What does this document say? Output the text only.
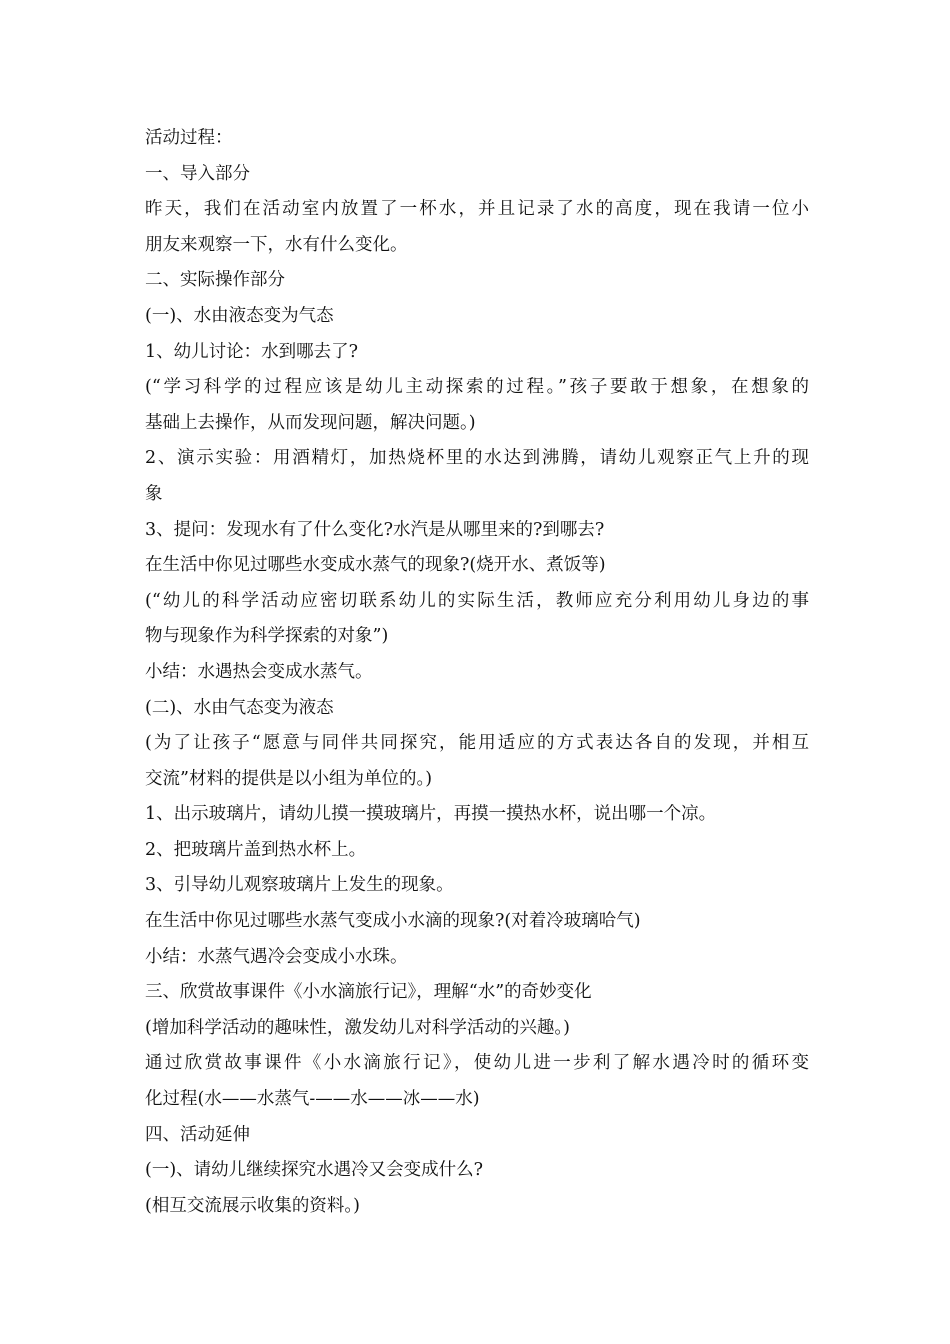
活动过程：
一、导入部分
昨天，我们在活动室内放置了一杯水，并且记录了水的高度，现在我请一位小
朋友来观察一下，水有什么变化。
二、实际操作部分
(一)、水由液态变为气态
1、幼儿讨论：水到哪去了?
(“学习科学的过程应该是幼儿主动探索的过程。”孩子要敢于想象，在想象的
基础上去操作，从而发现问题，解决问题。)
2、演示实验：用酒精灯，加热烧杯里的水达到沸腾，请幼儿观察正气上升的现
象
3、提问：发现水有了什么变化?水汽是从哪里来的?到哪去?
在生活中你见过哪些水变成水蒸气的现象?(烧开水、煮饭等)
(“幼儿的科学活动应密切联系幼儿的实际生活，教师应充分利用幼儿身边的事
物与现象作为科学探索的对象”)
小结：水遇热会变成水蒸气。
(二)、水由气态变为液态
(为了让孩子“愿意与同伴共同探究，能用适应的方式表达各自的发现，并相互
交流”材料的提供是以小组为单位的。)
1、出示玻璃片，请幼儿摸一摸玻璃片，再摸一摸热水杯，说出哪一个凉。
2、把玻璃片盖到热水杯上。
3、引导幼儿观察玻璃片上发生的现象。
在生活中你见过哪些水蒸气变成小水滴的现象?(对着冷玻璃哈气)
小结：水蒸气遇冷会变成小水珠。
三、欣赏故事课件《小水滴旅行记》，理解“水”的奇妙变化
(增加科学活动的趣味性，激发幼儿对科学活动的兴趣。)
通过欣赏故事课件《小水滴旅行记》，使幼儿进一步利了解水遇冷时的循环变
化过程(水——水蒸气-——水——冰——水)
四、活动延伸
(一)、请幼儿继续探究水遇冷又会变成什么?
(相互交流展示收集的资料。)
